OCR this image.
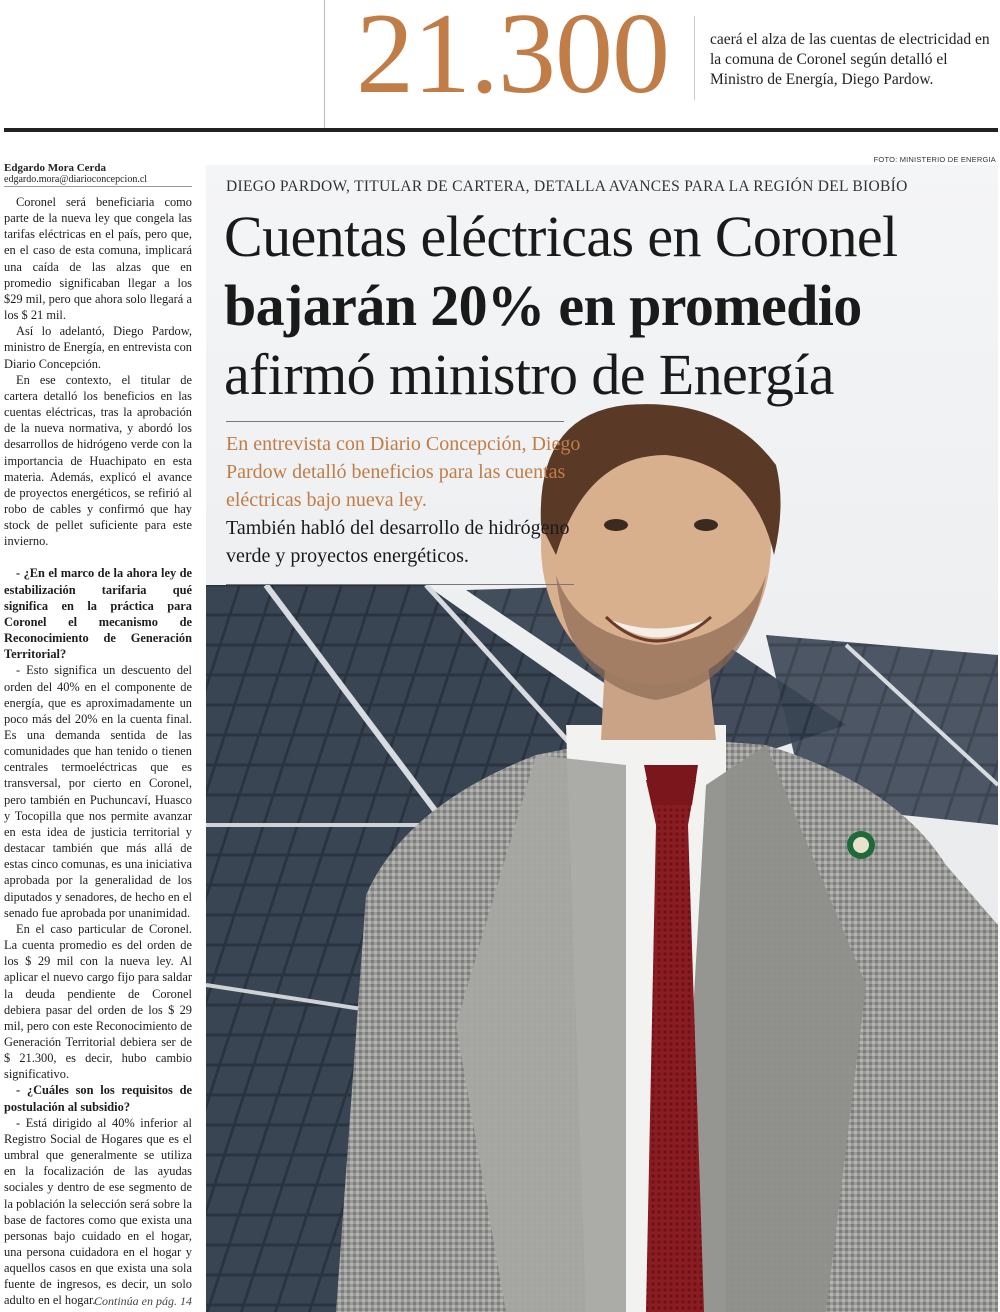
21.300	caerá el alza de las cuentas de electricidad en la comuna de Coronel según detalló el Ministro de Energía, Diego Pardow.
Edgardo Mora Cerda
edgardo.mora@diarioconcepcion.cl

Coronel será beneficiaria como parte de la nueva ley que congela las tarifas eléctricas en el país, pero que, en el caso de esta comuna, implicará una caída de las alzas que en promedio significaban llegar a los $29 mil, pero que ahora solo llegará a los $ 21 mil.

Así lo adelantó, Diego Pardow, ministro de Energía, en entrevista con Diario Concepción.

En ese contexto, el titular de cartera detalló los beneficios en las cuentas eléctricas, tras la aprobación de la nueva normativa, y abordó los desarrollos de hidrógeno verde con la importancia de Huachipato en esta materia. Además, explicó el avance de proyectos energéticos, se refirió al robo de cables y confirmó que hay stock de pellet suficiente para este invierno.

- ¿En el marco de la ahora ley de estabilización tarifaria qué significa en la práctica para Coronel el mecanismo de Reconocimiento de Generación Territorial?

- Esto significa un descuento del orden del 40% en el componente de energía, que es aproximadamente un poco más del 20% en la cuenta final. Es una demanda sentida de las comunidades que han tenido o tienen centrales termoeléctricas que es transversal, por cierto en Coronel, pero también en Puchuncaví, Huasco y Tocopilla que nos permite avanzar en esta idea de justicia territorial y destacar también que más allá de estas cinco comunas, es una iniciativa aprobada por la generalidad de los diputados y senadores, de hecho en el senado fue aprobada por unanimidad.

En el caso particular de Coronel. La cuenta promedio es del orden de los $ 29 mil con la nueva ley. Al aplicar el nuevo cargo fijo para saldar la deuda pendiente de Coronel debiera pasar del orden de los $ 29 mil, pero con este Reconocimiento de Generación Territorial debiera ser de $ 21.300, es decir, hubo cambio significativo.

- ¿Cuáles son los requisitos de postulación al subsidio?

- Está dirigido al 40% inferior al Registro Social de Hogares que es el umbral que generalmente se utiliza en la focalización de las ayudas sociales y dentro de ese segmento de la población la selección será sobre la base de factores como que exista una personas bajo cuidado en el hogar, una persona cuidadora en el hogar y aquellos casos en que exista una sola fuente de ingresos, es decir, un solo adulto en el hogar.

Continúa en pág. 14
FOTO: MINISTERIO DE ENERGIA
DIEGO PARDOW, TITULAR DE CARTERA, DETALLA AVANCES PARA LA REGIÓN DEL BIOBÍO
Cuentas eléctricas en Coronel
bajarán 20% en promedio
afirmó ministro de Energía
En entrevista con Diario Concepción, Diego Pardow detalló beneficios para las cuentas eléctricas bajo nueva ley.
También habló del desarrollo de hidrógeno verde y proyectos energéticos.
